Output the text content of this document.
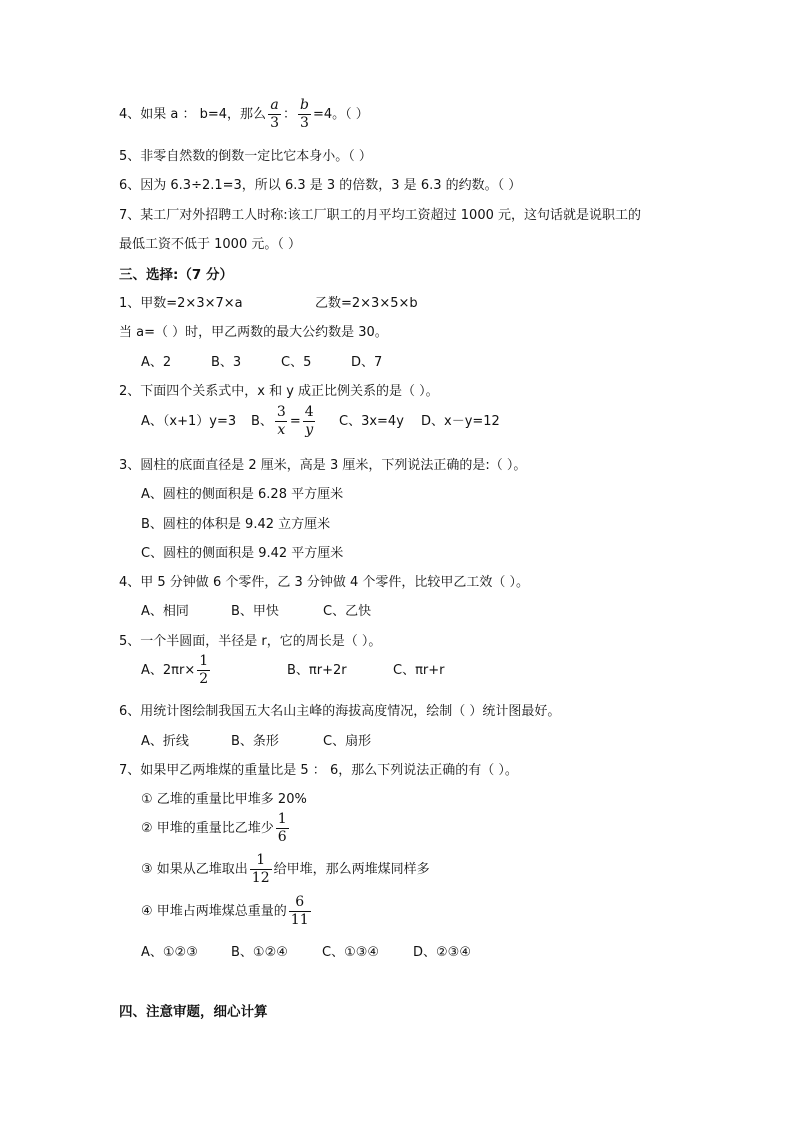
4、如果 a ： b=4，那么 $\frac{a}{3}$ ： $\frac{b}{3} =4$。（ ）
5、非零自然数的倒数一定比它本身小。（ ）
6、因为 6.3÷2.1=3，所以 6.3 是 3 的倍数，3 是 6.3 的约数。（ ）
7、某工厂对外招聘工人时称:该工厂职工的月平均工资超过 1000 元，这句话就是说职工的
最低工资不低于 1000 元。（ ）
三、选择:（7 分）
1、甲数=2×3×7×a	乙数=2×3×5×b
当 a=（ ）时，甲乙两数的最大公约数是 30。
A、2	B、3	C、5	D、7
2、下面四个关系式中，x 和 y 成正比例关系的是（ ）。
A、（x+1）y=3 B、 $\frac{3}{x} = \frac{4}{y}$ C、3x=4y D、x－y=12
3、圆柱的底面直径是 2 厘米，高是 3 厘米，下列说法正确的是:（ ）。
A、圆柱的侧面积是 6.28 平方厘米
B、圆柱的体积是 9.42 立方厘米
C、圆柱的侧面积是 9.42 平方厘米
4、甲 5 分钟做 6 个零件，乙 3 分钟做 4 个零件，比较甲乙工效（ ）。
A、相同	B、甲快	C、乙快
5、一个半圆面，半径是 r，它的周长是（ ）。
A、$2\pi r\times \frac{1}{2}$	B、πr+2r	C、πr+r
6、用统计图绘制我国五大名山主峰的海拔高度情况，绘制（ ）统计图最好。
A、折线	B、条形	C、扇形
7、如果甲乙两堆煤的重量比是 5 ： 6，那么下列说法正确的有（ ）。
① 乙堆的重量比甲堆多 20%
② 甲堆的重量比乙堆少 $\frac{1}{6}$
③ 如果从乙堆取出 $\frac{1}{12}$ 给甲堆，那么两堆煤同样多
④ 甲堆占两堆煤总重量的 $\frac{6}{11}$
A、①②③	B、①②④	C、①③④	D、②③④
四、注意审题，细心计算
